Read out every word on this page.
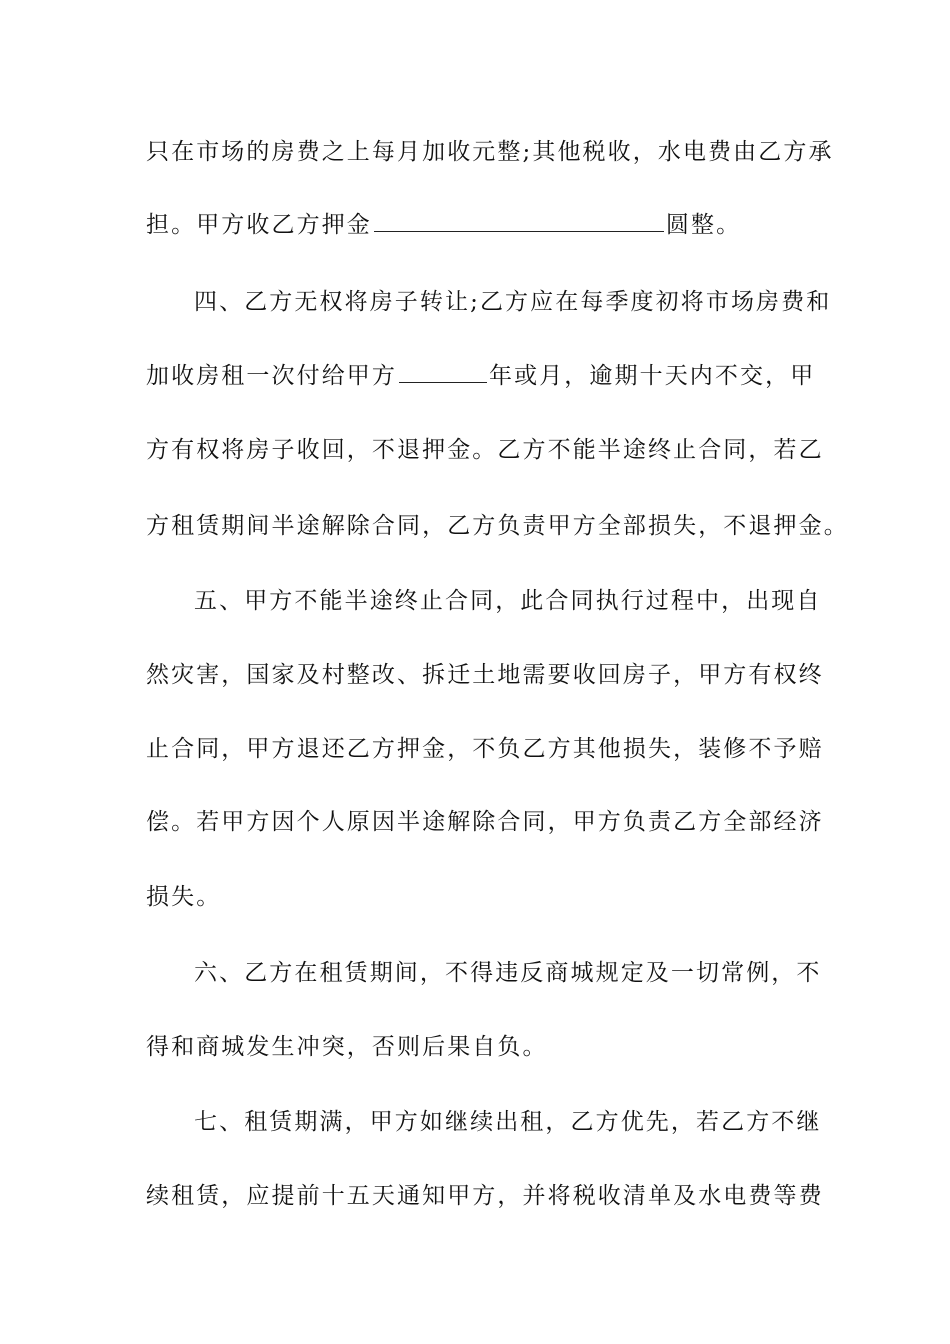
只在市场的房费之上每月加收元整;其他税收，水电费由乙方承
担。甲方收乙方押金	圆整。
四、乙方无权将房子转让;乙方应在每季度初将市场房费和
加收房租一次付给甲方	年或月，逾期十天内不交，甲
方有权将房子收回，不退押金。乙方不能半途终止合同，若乙
方租赁期间半途解除合同，乙方负责甲方全部损失，不退押金。
五、甲方不能半途终止合同，此合同执行过程中，出现自
然灾害，国家及村整改、拆迁土地需要收回房子，甲方有权终
止合同，甲方退还乙方押金，不负乙方其他损失，装修不予赔
偿。若甲方因个人原因半途解除合同，甲方负责乙方全部经济
损失。
六、乙方在租赁期间，不得违反商城规定及一切常例，不
得和商城发生冲突，否则后果自负。
七、租赁期满，甲方如继续出租，乙方优先，若乙方不继
续租赁，应提前十五天通知甲方，并将税收清单及水电费等费
